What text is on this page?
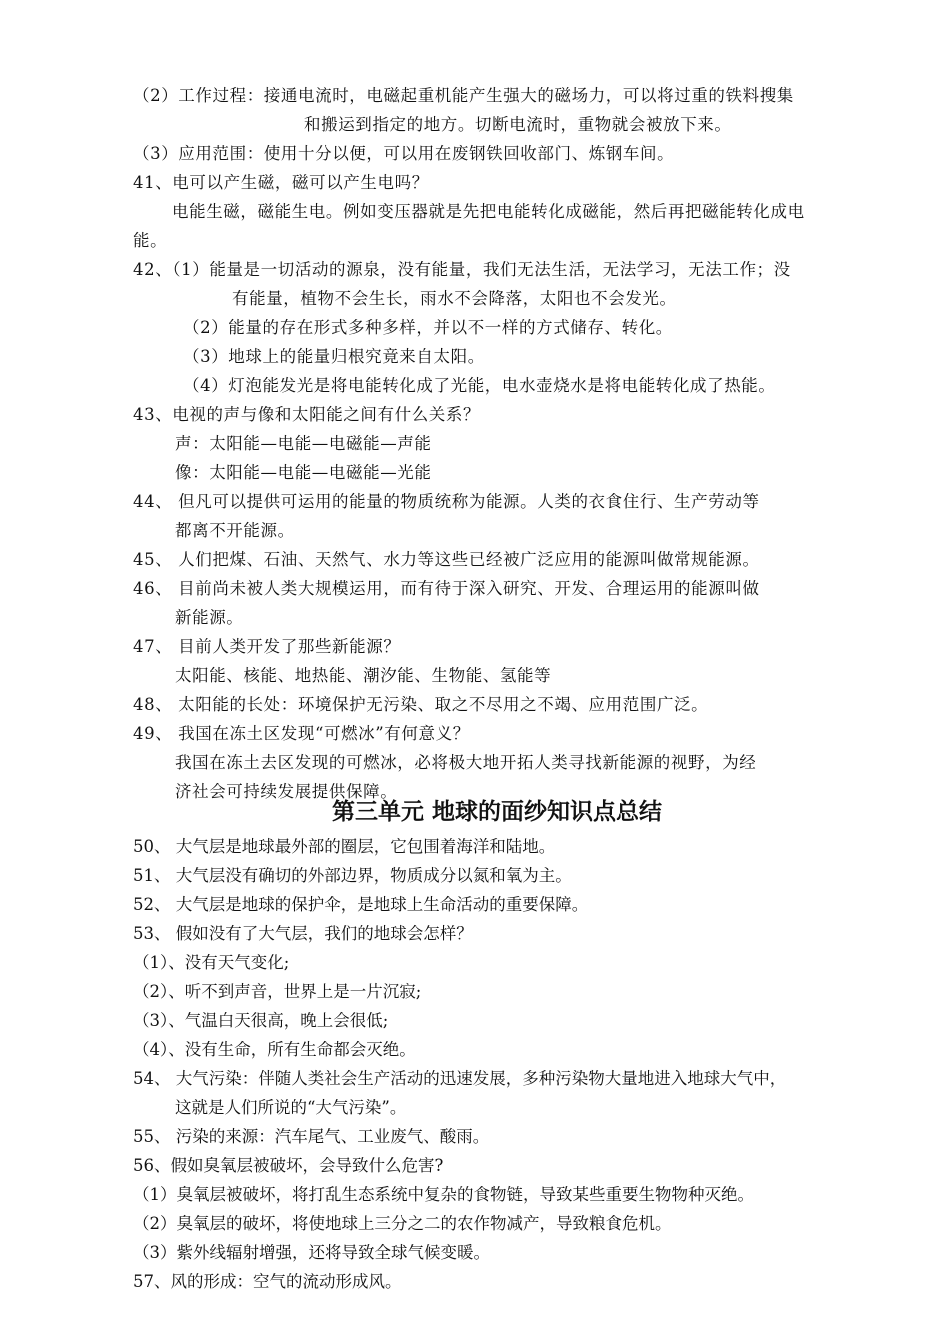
（2）工作过程：接通电流时，电磁起重机能产生强大的磁场力，可以将过重的铁料搜集

和搬运到指定的地方。切断电流时，重物就会被放下来。

（3）应用范围：使用十分以便，可以用在废钢铁回收部门、炼钢车间。

41、电可以产生磁，磁可以产生电吗？

电能生磁，磁能生电。例如变压器就是先把电能转化成磁能，然后再把磁能转化成电

能。

42、（1）能量是一切活动的源泉，没有能量，我们无法生活，无法学习，无法工作；没

有能量，植物不会生长，雨水不会降落，太阳也不会发光。

（2）能量的存在形式多种多样，并以不一样的方式储存、转化。

（3）地球上的能量归根究竟来自太阳。

（4）灯泡能发光是将电能转化成了光能，电水壶烧水是将电能转化成了热能。

43、电视的声与像和太阳能之间有什么关系？

声：太阳能—电能—电磁能—声能

像：太阳能—电能—电磁能—光能

44、 但凡可以提供可运用的能量的物质统称为能源。人类的衣食住行、生产劳动等

都离不开能源。

45、 人们把煤、石油、天然气、水力等这些已经被广泛应用的能源叫做常规能源。

46、 目前尚未被人类大规模运用，而有待于深入研究、开发、合理运用的能源叫做

新能源。

47、 目前人类开发了那些新能源？

太阳能、核能、地热能、潮汐能、生物能、氢能等

48、 太阳能的长处：环境保护无污染、取之不尽用之不竭、应用范围广泛。

49、 我国在冻土区发现“可燃冰”有何意义？

我国在冻土去区发现的可燃冰，必将极大地开拓人类寻找新能源的视野，为经

济社会可持续发展提供保障。

第三单元 地球的面纱知识点总结

50、 大气层是地球最外部的圈层，它包围着海洋和陆地。

51、 大气层没有确切的外部边界，物质成分以氮和氧为主。

52、 大气层是地球的保护伞，是地球上生命活动的重要保障。

53、 假如没有了大气层，我们的地球会怎样？

（1）、没有天气变化;

（2）、听不到声音，世界上是一片沉寂;

（3）、气温白天很高，晚上会很低;

（4）、没有生命，所有生命都会灭绝。

54、 大气污染：伴随人类社会生产活动的迅速发展，多种污染物大量地进入地球大气中，

这就是人们所说的“大气污染”。

55、 污染的来源：汽车尾气、工业废气、酸雨。

56、假如臭氧层被破坏，会导致什么危害?

（1）臭氧层被破坏，将打乱生态系统中复杂的食物链，导致某些重要生物物种灭绝。

（2）臭氧层的破坏，将使地球上三分之二的农作物减产，导致粮食危机。

（3）紫外线辐射增强，还将导致全球气候变暖。

57、风的形成：空气的流动形成风。
